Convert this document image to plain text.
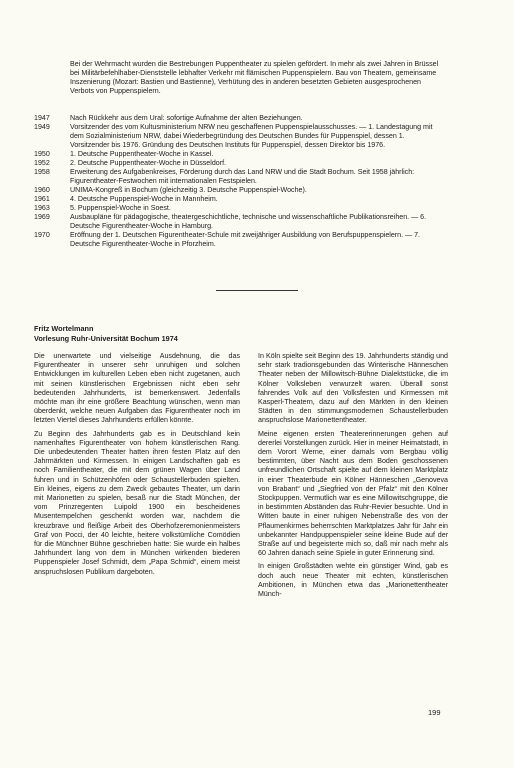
Bei der Wehrmacht wurden die Bestrebungen Puppentheater zu spielen gefördert. In mehr als zwei Jahren in Brüssel bei Militärbefehlhaber-Dienststelle lebhafter Verkehr mit flämischen Puppenspielern. Bau von Theatern, gemeinsame Inszenierung (Mozart: Bastien und Bastienne), Verhütung des in anderen besetzten Gebieten ausgesprochenen Verbots von Puppenspielern.

1947	Nach Rückkehr aus dem Ural: sofortige Aufnahme der alten Beziehungen.
1949	Vorsitzender des vom Kultusministerium NRW neu geschaffenen Puppenspielausschusses. — 1. Landestagung mit dem Sozialministerium NRW, dabei Wiederbegründung des Deutschen Bundes für Puppenspiel, dessen 1. Vorsitzender bis 1976. Gründung des Deutschen Instituts für Puppenspiel, dessen Direktor bis 1976.
1950	1. Deutsche Puppentheater-Woche in Kassel.
1952	2. Deutsche Puppentheater-Woche in Düsseldorf.
1958	Erweiterung des Aufgabenkreises, Förderung durch das Land NRW und die Stadt Bochum. Seit 1958 jährlich: Figurentheater-Festwochen mit internationalen Festspielen.
1960	UNIMA-Kongreß in Bochum (gleichzeitig 3. Deutsche Puppenspiel-Woche).
1961	4. Deutsche Puppenspiel-Woche in Mannheim.
1963	5. Puppenspiel-Woche in Soest.
1969	Ausbaupläne für pädagogische, theatergeschichtliche, technische und wissenschaftliche Publikationsreihen. — 6. Deutsche Figurentheater-Woche in Hamburg.
1970	Eröffnung der 1. Deutschen Figurentheater-Schule mit zweijähriger Ausbildung von Berufspuppenspielern. — 7. Deutsche Figurentheater-Woche in Pforzheim.
Fritz Wortelmann
Vorlesung Ruhr-Universität Bochum 1974

Die unerwartete und vielseitige Ausdehnung, die das Figurentheater in unserer sehr unruhigen und solchen Entwicklungen im kulturellen Leben eben nicht zugetanen, auch mit seinen künstlerischen Ergebnissen nicht eben sehr bedeutenden Jahrhunderts, ist bemerkenswert. Jedenfalls möchte man ihr eine größere Beachtung wünschen, wenn man überdenkt, welche neuen Aufgaben das Figurentheater noch im letzten Viertel dieses Jahrhunderts erfüllen könnte.

Zu Beginn des Jahrhunderts gab es in Deutschland kein namenhaftes Figurentheater von hohem künstlerischen Rang. Die unbedeutenden Theater hatten ihren festen Platz auf den Jahrmärkten und Kirmessen. In einigen Landschaften gab es noch Familientheater, die mit dem grünen Wagen über Land fuhren und in Schützenhöfen oder Schaustellerbuden spielten. Ein kleines, eigens zu dem Zweck gebautes Theater, um darin mit Marionetten zu spielen, besaß nur die Stadt München, der vom Prinzregenten Luipold 1900 ein bescheidenes Musentempelchen geschenkt worden war, nachdem die kreuzbrave und fleißige Arbeit des Oberhofzeremonienmeisters Graf von Pocci, der 40 leichte, heitere volkstümliche Comödien für die Münchner Bühne geschrieben hatte: Sie wurde ein halbes Jahrhundert lang von dem in München wirkenden biederen Puppenspieler Josef Schmidt, dem „Papa Schmid“, einem meist anspruchslosen Publikum dargeboten.

In Köln spielte seit Beginn des 19. Jahrhunderts ständig und sehr stark tradionsgebunden das Winterische Hänneschen Theater neben der Millowitsch-Bühne Dialektstücke, die im Kölner Volksleben verwurzelt waren. Überall sonst fahrendes Volk auf den Volksfesten und Kirmessen mit Kasperl-Theatern, dazu auf den Märkten in den kleinen Städten in den stimmungsmodernen Schaustellerbuden anspruchslose Marionettentheater.

Meine eigenen ersten Theatererinnerungen gehen auf dererlei Vorstellungen zurück. Hier in meiner Heimatstadt, in dem Vorort Werne, einer damals vom Bergbau völlig bestimmten, über Nacht aus dem Boden geschossenen unfreundlichen Ortschaft spielte auf dem kleinen Marktplatz in einer Theaterbude ein Kölner Hänneschen „Genoveva von Brabant“ und „Siegfried von der Pfalz“ mit den Kölner Stockpuppen. Vermutlich war es eine Millowitschgruppe, die in bestimmten Abständen das Ruhr-Revier besuchte. Und in Witten baute in einer ruhigen Nebenstraße des von der Pflaumenkirmes beherrschten Marktplatzes Jahr für Jahr ein unbekannter Handpuppenspieler seine kleine Bude auf der Straße auf und begeisterte mich so, daß mir nach mehr als 60 Jahren danach seine Spiele in guter Erinnerung sind.

In einigen Großstädten wehte ein günstiger Wind, gab es doch auch neue Theater mit echten, künstlerischen Ambitionen, in München etwa das „Marionettentheater Münch-

199
